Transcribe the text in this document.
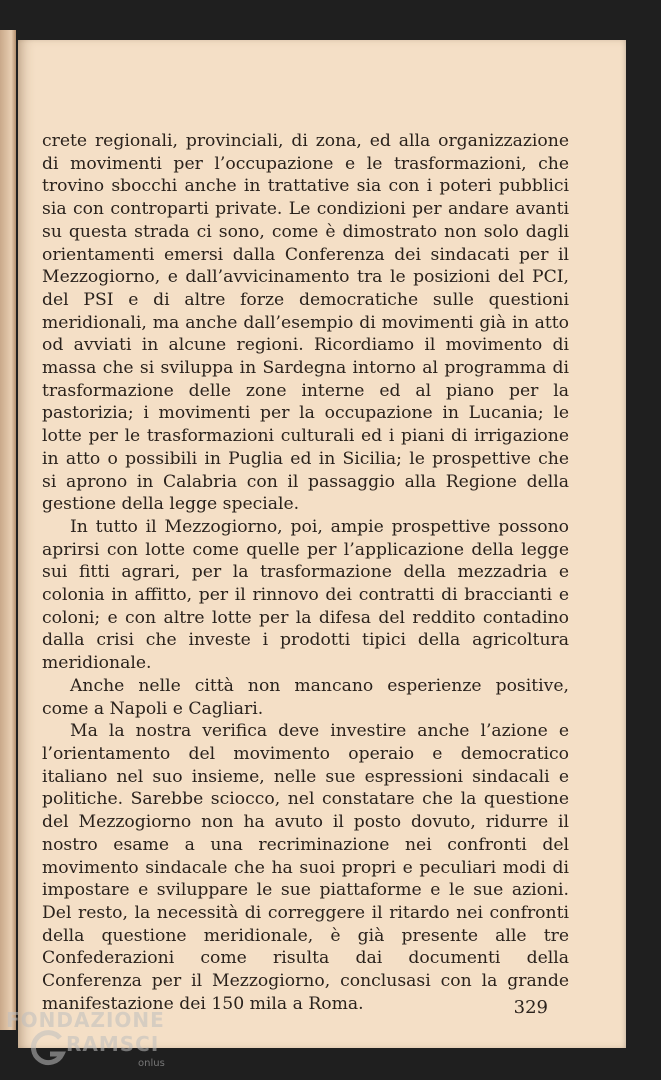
crete regionali, provinciali, di zona, ed alla organizzazione di movimenti per l’occupazione e le trasformazioni, che trovino sbocchi anche in trattative sia con i poteri pubblici sia con controparti private. Le condizioni per andare avanti su questa strada ci sono, come è dimostrato non solo dagli orientamenti emersi dalla Conferenza dei sindacati per il Mezzogiorno, e dall’avvicinamento tra le posizioni del PCI, del PSI e di altre forze democratiche sulle questioni meridionali, ma anche dall’esempio di movimenti già in atto od avviati in alcune regioni. Ricordiamo il movimento di massa che si sviluppa in Sardegna intorno al programma di trasformazione delle zone interne ed al piano per la pastorizia; i movimenti per la occupazione in Lucania; le lotte per le trasformazioni culturali ed i piani di irrigazione in atto o possibili in Puglia ed in Sicilia; le prospettive che si aprono in Calabria con il passaggio alla Regione della gestione della legge speciale.

In tutto il Mezzogiorno, poi, ampie prospettive possono aprirsi con lotte come quelle per l’applicazione della legge sui fitti agrari, per la trasformazione della mezzadria e colonia in affitto, per il rinnovo dei contratti di braccianti e coloni; e con altre lotte per la difesa del reddito contadino dalla crisi che investe i prodotti tipici della agricoltura meridionale.

Anche nelle città non mancano esperienze positive, come a Napoli e Cagliari.

Ma la nostra verifica deve investire anche l’azione e l’orientamento del movimento operaio e democratico italiano nel suo insieme, nelle sue espressioni sindacali e politiche. Sarebbe sciocco, nel constatare che la questione del Mezzogiorno non ha avuto il posto dovuto, ridurre il nostro esame a una recriminazione nei confronti del movimento sindacale che ha suoi propri e peculiari modi di impostare e sviluppare le sue piattaforme e le sue azioni. Del resto, la necessità di correggere il ritardo nei confronti della questione meridionale, è già presente alle tre Confederazioni come risulta dai documenti della Conferenza per il Mezzogiorno, conclusasi con la grande manifestazione dei 150 mila a Roma.	329
FONDAZIONE
RAMSCI
onlus
